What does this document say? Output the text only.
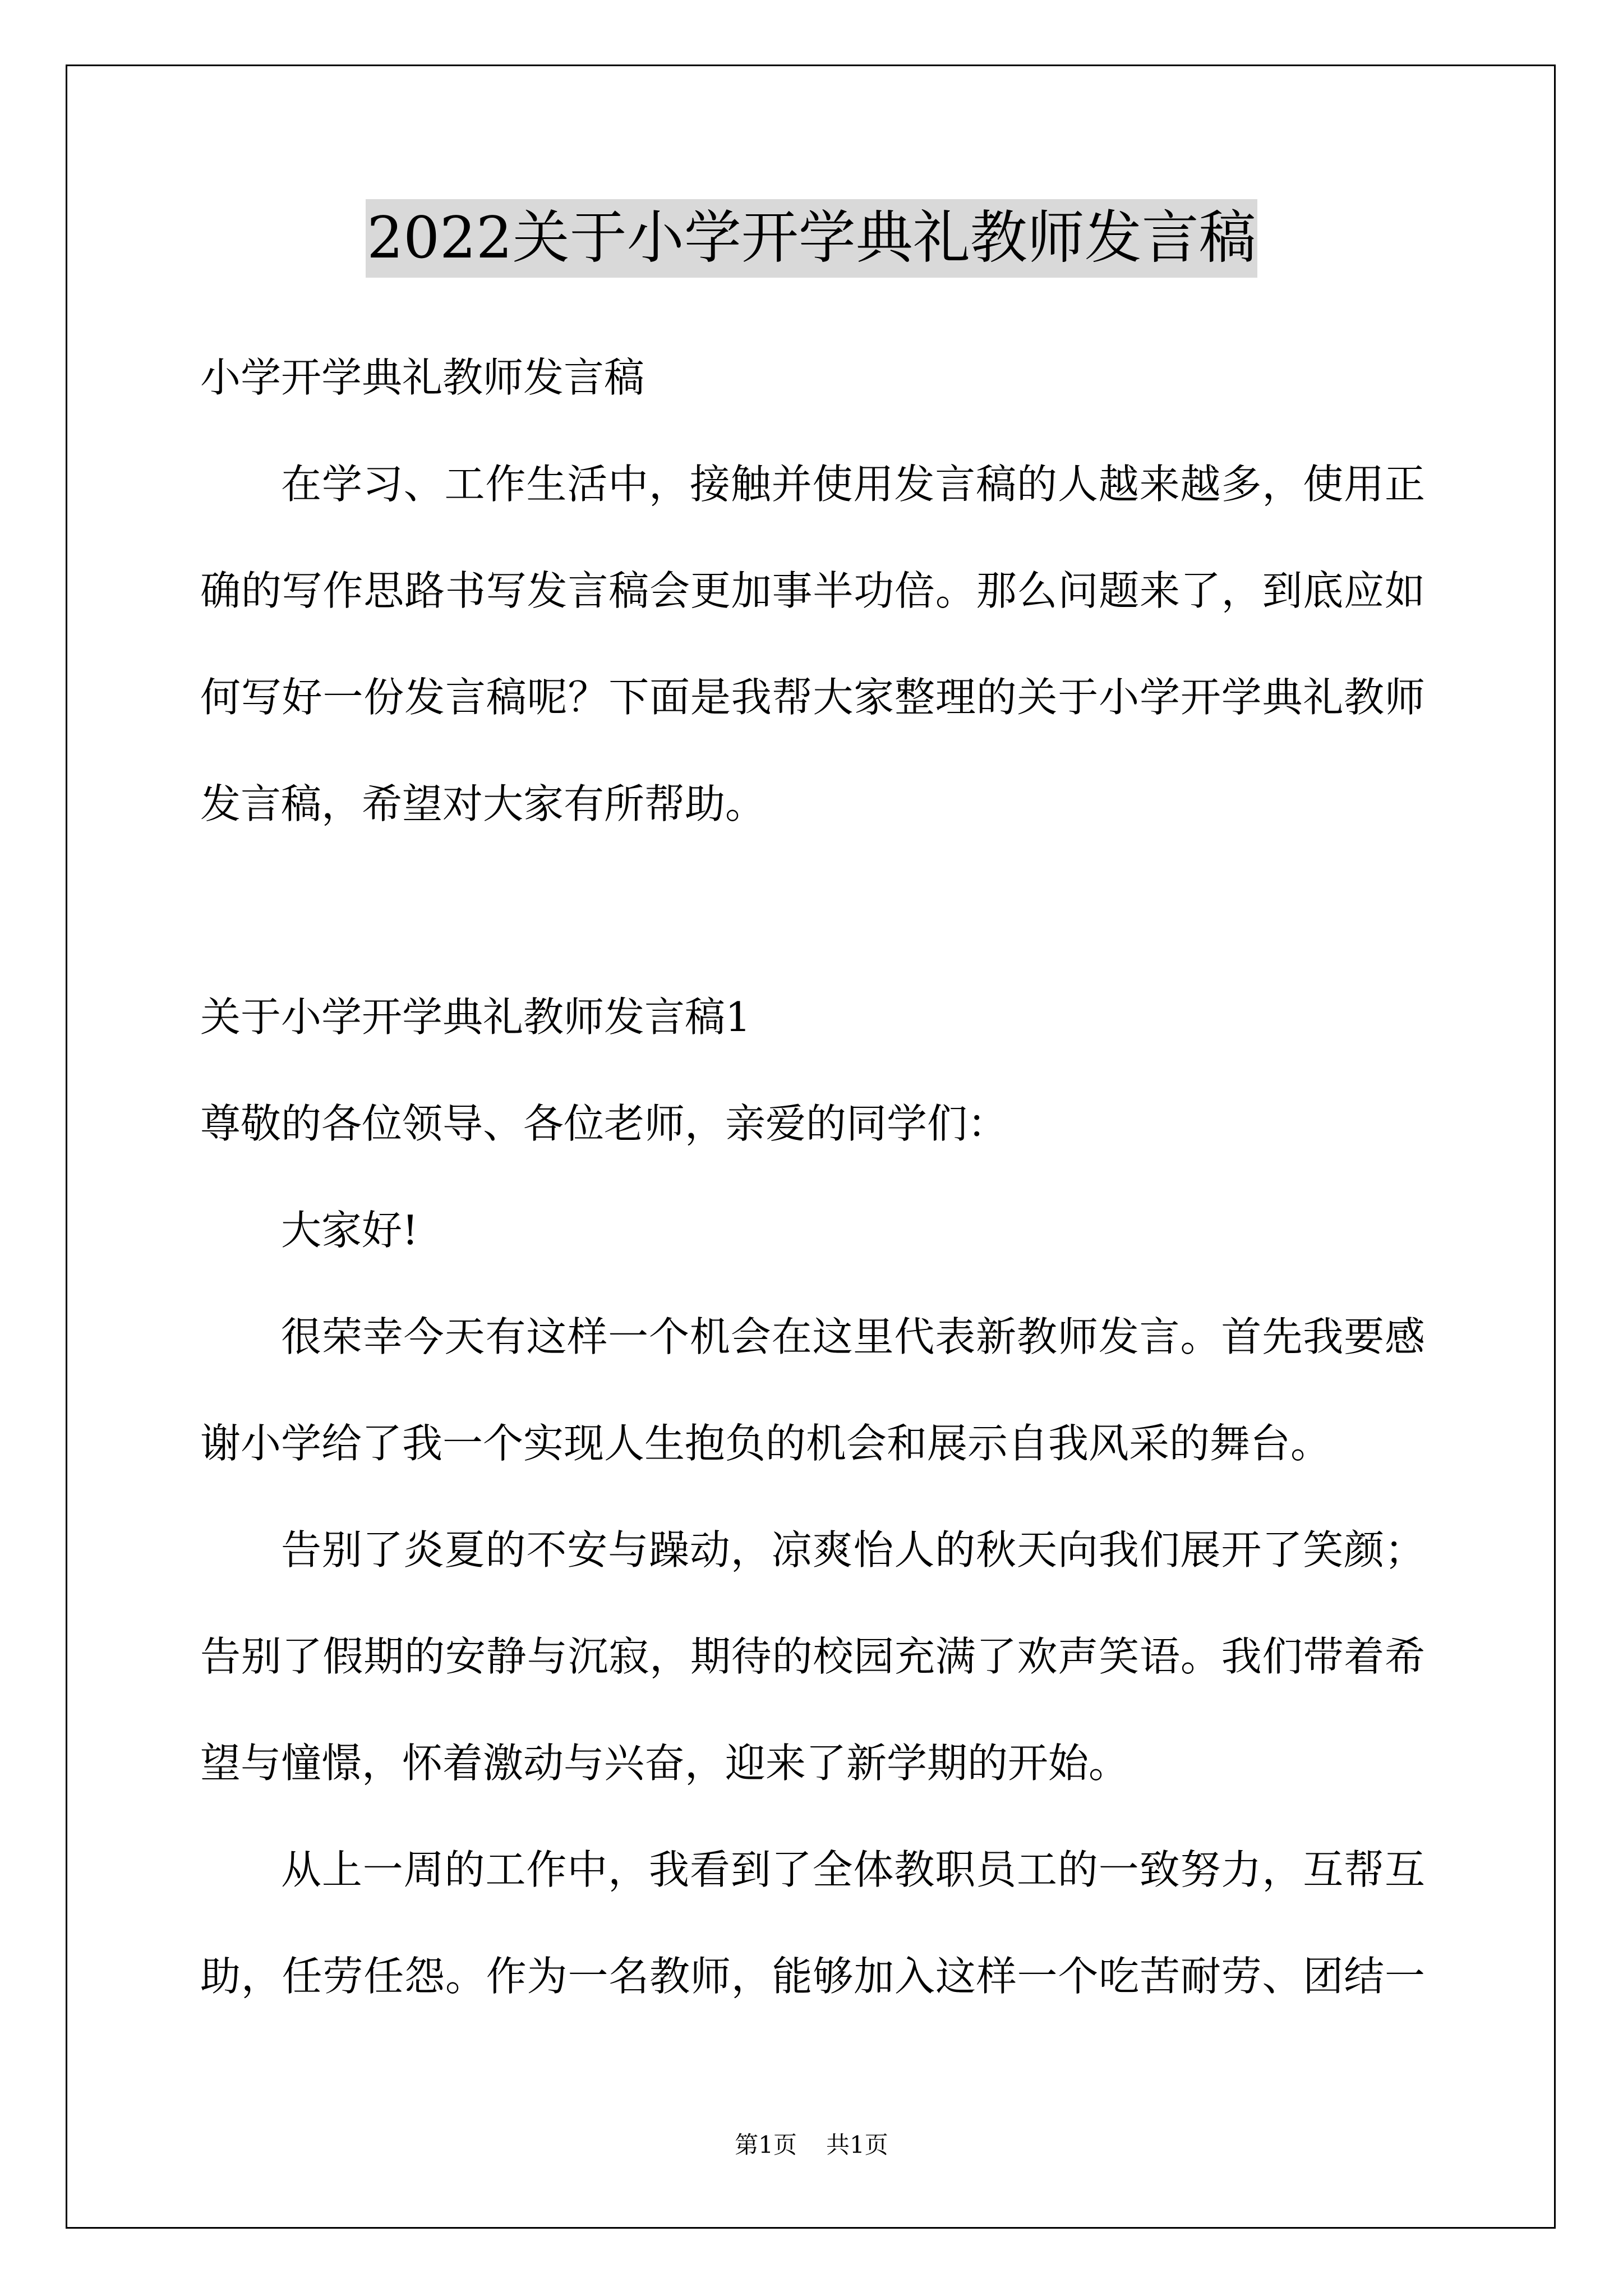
2022关于小学开学典礼教师发言稿
小学开学典礼教师发言稿
在学习、工作生活中，接触并使用发言稿的人越来越多，使用正
确的写作思路书写发言稿会更加事半功倍。那么问题来了，到底应如
何写好一份发言稿呢？下面是我帮大家整理的关于小学开学典礼教师
发言稿，希望对大家有所帮助。
关于小学开学典礼教师发言稿1
尊敬的各位领导、各位老师，亲爱的同学们：
大家好!
很荣幸今天有这样一个机会在这里代表新教师发言。首先我要感
谢小学给了我一个实现人生抱负的机会和展示自我风采的舞台。
告别了炎夏的不安与躁动，凉爽怡人的秋天向我们展开了笑颜；
告别了假期的安静与沉寂，期待的校园充满了欢声笑语。我们带着希
望与憧憬，怀着激动与兴奋，迎来了新学期的开始。
从上一周的工作中，我看到了全体教职员工的一致努力，互帮互
助，任劳任怨。作为一名教师，能够加入这样一个吃苦耐劳、团结一
第1页 共1页
